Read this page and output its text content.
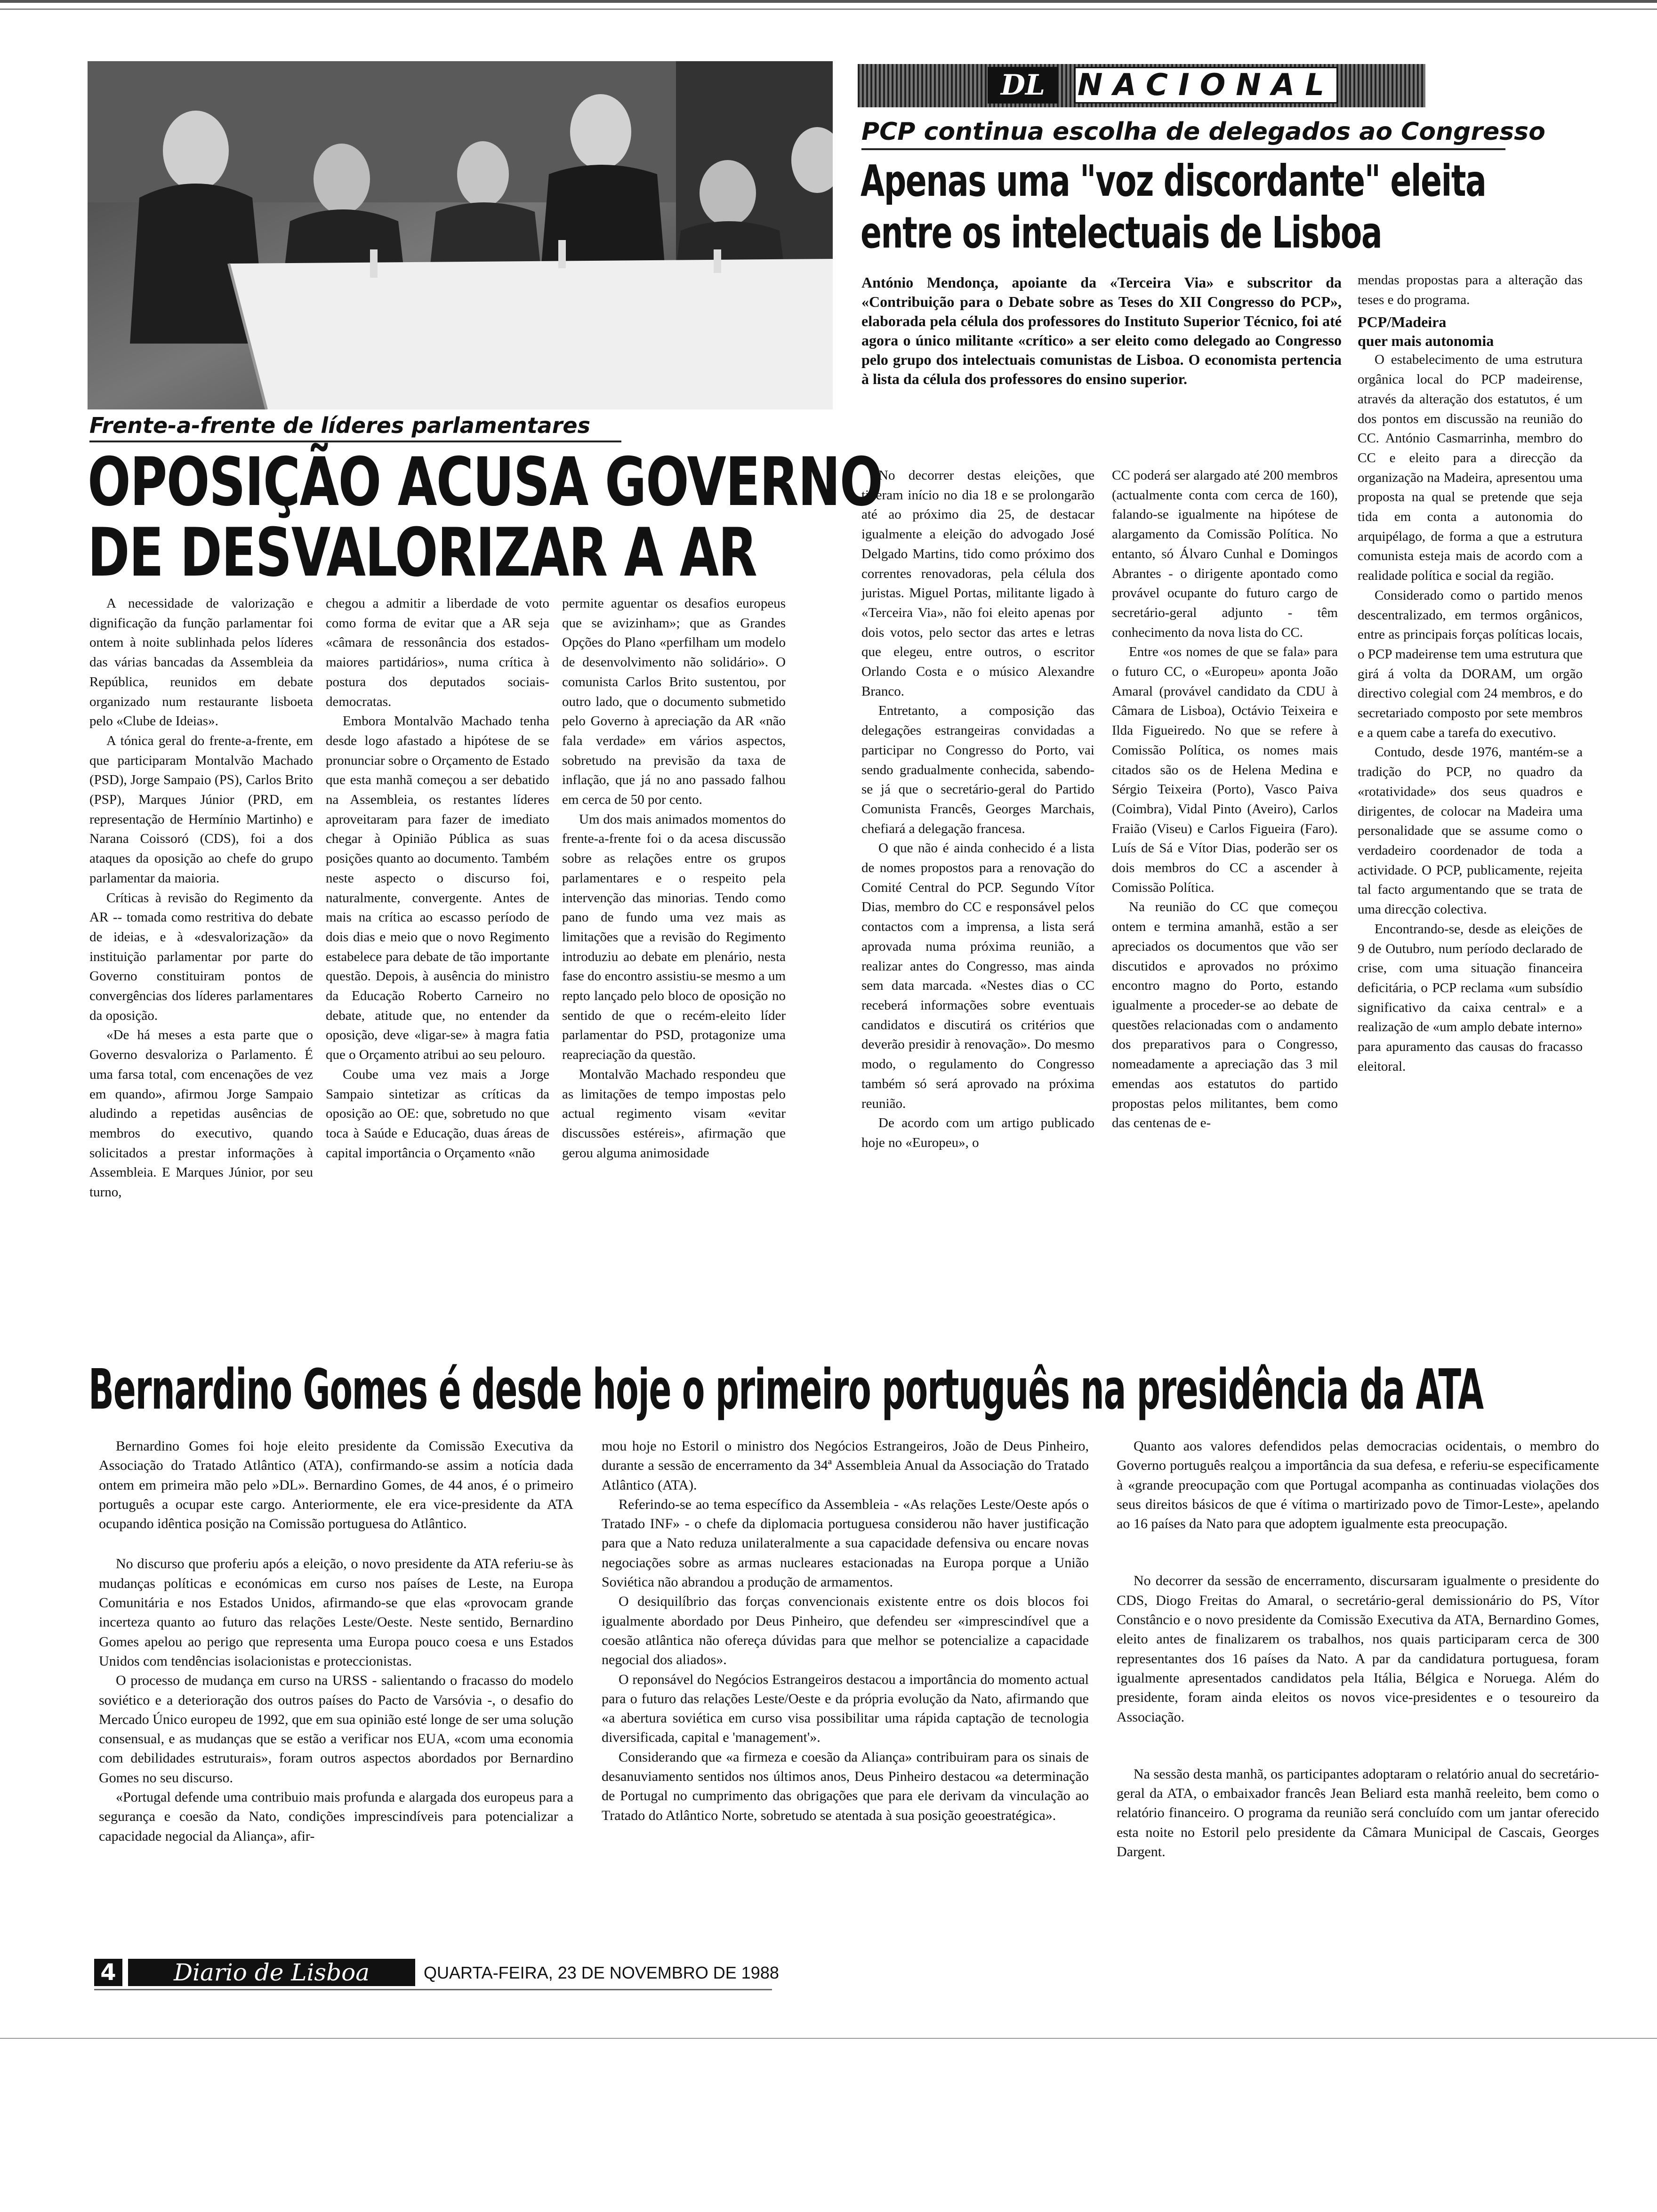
Frente-a-frente de líderes parlamentares
OPOSIÇÃO ACUSA GOVERNO
DE DESVALORIZAR A AR

A necessidade de valorização e dignificação da função parlamentar foi ontem à noite sublinhada pelos líderes das várias bancadas da Assembleia da República, reunidos em debate organizado num restaurante lisboeta pelo «Clube de Ideias».

A tónica geral do frente-a-frente, em que participaram Montalvão Machado (PSD), Jorge Sampaio (PS), Carlos Brito (PSP), Marques Júnior (PRD, em representação de Hermínio Martinho) e Narana Coissoró (CDS), foi a dos ataques da oposição ao chefe do grupo parlamentar da maioria.

Críticas à revisão do Regimento da AR -- tomada como restritiva do debate de ideias, e à «desvalorização» da instituição parlamentar por parte do Governo constituiram pontos de convergências dos líderes parlamentares da oposição.

«De há meses a esta parte que o Governo desvaloriza o Parlamento. É uma farsa total, com encenações de vez em quando», afirmou Jorge Sampaio aludindo a repetidas ausências de membros do executivo, quando solicitados a prestar informações à Assembleia. E Marques Júnior, por seu turno,

chegou a admitir a liberdade de voto como forma de evitar que a AR seja «câmara de ressonância dos estados-maiores partidários», numa crítica à postura dos deputados sociais-democratas.

Embora Montalvão Machado tenha desde logo afastado a hipótese de se pronunciar sobre o Orçamento de Estado que esta manhã começou a ser debatido na Assembleia, os restantes líderes aproveitaram para fazer de imediato chegar à Opinião Pública as suas posições quanto ao documento. Também neste aspecto o discurso foi, naturalmente, convergente. Antes de mais na crítica ao escasso período de dois dias e meio que o novo Regimento estabelece para debate de tão importante questão. Depois, à ausência do ministro da Educação Roberto Carneiro no debate, atitude que, no entender da oposição, deve «ligar-se» à magra fatia que o Orçamento atribui ao seu pelouro.

Coube uma vez mais a Jorge Sampaio sintetizar as críticas da oposição ao OE: que, sobretudo no que toca à Saúde e Educação, duas áreas de capital importância o Orçamento «não

permite aguentar os desafios europeus que se avizinham»; que as Grandes Opções do Plano «perfilham um modelo de desenvolvimento não solidário». O comunista Carlos Brito sustentou, por outro lado, que o documento submetido pelo Governo à apreciação da AR «não fala verdade» em vários aspectos, sobretudo na previsão da taxa de inflação, que já no ano passado falhou em cerca de 50 por cento.

Um dos mais animados momentos do frente-a-frente foi o da acesa discussão sobre as relações entre os grupos parlamentares e o respeito pela intervenção das minorias. Tendo como pano de fundo uma vez mais as limitações que a revisão do Regimento introduziu ao debate em plenário, nesta fase do encontro assistiu-se mesmo a um repto lançado pelo bloco de oposição no sentido de que o recém-eleito líder parlamentar do PSD, protagonize uma reapreciação da questão.

Montalvão Machado respondeu que as limitações de tempo impostas pelo actual regimento visam «evitar discussões estéreis», afirmação que gerou alguma animosidade

DL	NACIONAL
PCP continua escolha de delegados ao Congresso
Apenas uma "voz discordante" eleita
entre os intelectuais de Lisboa

António Mendonça, apoiante da «Terceira Via» e subscritor da «Contribuição para o Debate sobre as Teses do XII Congresso do PCP», elaborada pela célula dos professores do Instituto Superior Técnico, foi até agora o único militante «crítico» a ser eleito como delegado ao Congresso pelo grupo dos intelectuais comunistas de Lisboa. O economista pertencia à lista da célula dos professores do ensino superior.

No decorrer destas eleições, que tiveram início no dia 18 e se prolongarão até ao próximo dia 25, de destacar igualmente a eleição do advogado José Delgado Martins, tido como próximo dos correntes renovadoras, pela célula dos juristas. Miguel Portas, militante ligado à «Terceira Via», não foi eleito apenas por dois votos, pelo sector das artes e letras que elegeu, entre outros, o escritor Orlando Costa e o músico Alexandre Branco.

Entretanto, a composição das delegações estrangeiras convidadas a participar no Congresso do Porto, vai sendo gradualmente conhecida, sabendo-se já que o secretário-geral do Partido Comunista Francês, Georges Marchais, chefiará a delegação francesa.

O que não é ainda conhecido é a lista de nomes propostos para a renovação do Comité Central do PCP. Segundo Vítor Dias, membro do CC e responsável pelos contactos com a imprensa, a lista será aprovada numa próxima reunião, a realizar antes do Congresso, mas ainda sem data marcada. «Nestes dias o CC receberá informações sobre eventuais candidatos e discutirá os critérios que deverão presidir à renovação». Do mesmo modo, o regulamento do Congresso também só será aprovado na próxima reunião.

De acordo com um artigo publicado hoje no «Europeu», o

CC poderá ser alargado até 200 membros (actualmente conta com cerca de 160), falando-se igualmente na hipótese de alargamento da Comissão Política. No entanto, só Álvaro Cunhal e Domingos Abrantes - o dirigente apontado como provável ocupante do futuro cargo de secretário-geral adjunto - têm conhecimento da nova lista do CC.

Entre «os nomes de que se fala» para o futuro CC, o «Europeu» aponta João Amaral (provável candidato da CDU à Câmara de Lisboa), Octávio Teixeira e Ilda Figueiredo. No que se refere à Comissão Política, os nomes mais citados são os de Helena Medina e Sérgio Teixeira (Porto), Vasco Paiva (Coimbra), Vidal Pinto (Aveiro), Carlos Fraião (Viseu) e Carlos Figueira (Faro). Luís de Sá e Vítor Dias, poderão ser os dois membros do CC a ascender à Comissão Política.

Na reunião do CC que começou ontem e termina amanhã, estão a ser apreciados os documentos que vão ser discutidos e aprovados no próximo encontro magno do Porto, estando igualmente a proceder-se ao debate de questões relacionadas com o andamento dos preparativos para o Congresso, nomeadamente a apreciação das 3 mil emendas aos estatutos do partido propostas pelos militantes, bem como das centenas de e-

mendas propostas para a alteração das teses e do programa.

PCP/Madeira

quer mais autonomia

O estabelecimento de uma estrutura orgânica local do PCP madeirense, através da alteração dos estatutos, é um dos pontos em discussão na reunião do CC. António Casmarrinha, membro do CC e eleito para a direcção da organização na Madeira, apresentou uma proposta na qual se pretende que seja tida em conta a autonomia do arquipélago, de forma a que a estrutura comunista esteja mais de acordo com a realidade política e social da região.

Considerado como o partido menos descentralizado, em termos orgânicos, entre as principais forças políticas locais, o PCP madeirense tem uma estrutura que girá á volta da DORAM, um orgão directivo colegial com 24 membros, e do secretariado composto por sete membros e a quem cabe a tarefa do executivo.

Contudo, desde 1976, mantém-se a tradição do PCP, no quadro da «rotatividade» dos seus quadros e dirigentes, de colocar na Madeira uma personalidade que se assume como o verdadeiro coordenador de toda a actividade. O PCP, publicamente, rejeita tal facto argumentando que se trata de uma direcção colectiva.

Encontrando-se, desde as eleições de 9 de Outubro, num período declarado de crise, com uma situação financeira deficitária, o PCP reclama «um subsídio significativo da caixa central» e a realização de «um amplo debate interno» para apuramento das causas do fracasso eleitoral.

Bernardino Gomes é desde hoje o primeiro português na presidência da ATA

Bernardino Gomes foi hoje eleito presidente da Comissão Executiva da Associação do Tratado Atlântico (ATA), confirmando-se assim a notícia dada ontem em primeira mão pelo »DL». Bernardino Gomes, de 44 anos, é o primeiro português a ocupar este cargo. Anteriormente, ele era vice-presidente da ATA ocupando idêntica posição na Comissão portuguesa do Atlântico.

No discurso que proferiu após a eleição, o novo presidente da ATA referiu-se às mudanças políticas e económicas em curso nos países de Leste, na Europa Comunitária e nos Estados Unidos, afirmando-se que elas «provocam grande incerteza quanto ao futuro das relações Leste/Oeste. Neste sentido, Bernardino Gomes apelou ao perigo que representa uma Europa pouco coesa e uns Estados Unidos com tendências isolacionistas e proteccionistas.

O processo de mudança em curso na URSS - salientando o fracasso do modelo soviético e a deterioração dos outros países do Pacto de Varsóvia -, o desafio do Mercado Único europeu de 1992, que em sua opinião esté longe de ser uma solução consensual, e as mudanças que se estão a verificar nos EUA, «com uma economia com debilidades estruturais», foram outros aspectos abordados por Bernardino Gomes no seu discurso.

«Portugal defende uma contribuio mais profunda e alargada dos europeus para a segurança e coesão da Nato, condições imprescindíveis para potencializar a capacidade negocial da Aliança», afir-

mou hoje no Estoril o ministro dos Negócios Estrangeiros, João de Deus Pinheiro, durante a sessão de encerramento da 34ª Assembleia Anual da Associação do Tratado Atlântico (ATA).

Referindo-se ao tema específico da Assembleia - «As relações Leste/Oeste após o Tratado INF» - o chefe da diplomacia portuguesa considerou não haver justificação para que a Nato reduza unilateralmente a sua capacidade defensiva ou encare novas negociações sobre as armas nucleares estacionadas na Europa porque a União Soviética não abrandou a produção de armamentos.

O desiquilíbrio das forças convencionais existente entre os dois blocos foi igualmente abordado por Deus Pinheiro, que defendeu ser «imprescindível que a coesão atlântica não ofereça dúvidas para que melhor se potencialize a capacidade negocial dos aliados».

O reponsável do Negócios Estrangeiros destacou a importância do momento actual para o futuro das relações Leste/Oeste e da própria evolução da Nato, afirmando que «a abertura soviética em curso visa possibilitar uma rápida captação de tecnologia diversificada, capital e 'management'».

Considerando que «a firmeza e coesão da Aliança» contribuiram para os sinais de desanuviamento sentidos nos últimos anos, Deus Pinheiro destacou «a determinação de Portugal no cumprimento das obrigações que para ele derivam da vinculação ao Tratado do Atlântico Norte, sobretudo se atentada à sua posição geoestratégica».

Quanto aos valores defendidos pelas democracias ocidentais, o membro do Governo português realçou a importância da sua defesa, e referiu-se especificamente à «grande preocupação com que Portugal acompanha as continuadas violações dos seus direitos básicos de que é vítima o martirizado povo de Timor-Leste», apelando ao 16 países da Nato para que adoptem igualmente esta preocupação.

No decorrer da sessão de encerramento, discursaram igualmente o presidente do CDS, Diogo Freitas do Amaral, o secretário-geral demissionário do PS, Vítor Constâncio e o novo presidente da Comissão Executiva da ATA, Bernardino Gomes, eleito antes de finalizarem os trabalhos, nos quais participaram cerca de 300 representantes dos 16 países da Nato. A par da candidatura portuguesa, foram igualmente apresentados candidatos pela Itália, Bélgica e Noruega. Além do presidente, foram ainda eleitos os novos vice-presidentes e o tesoureiro da Associação.

Na sessão desta manhã, os participantes adoptaram o relatório anual do secretário-geral da ATA, o embaixador francês Jean Beliard esta manhã reeleito, bem como o relatório financeiro. O programa da reunião será concluído com um jantar oferecido esta noite no Estoril pelo presidente da Câmara Municipal de Cascais, Georges Dargent.

4	Diario de Lisboa	QUARTA-FEIRA, 23 DE NOVEMBRO DE 1988
